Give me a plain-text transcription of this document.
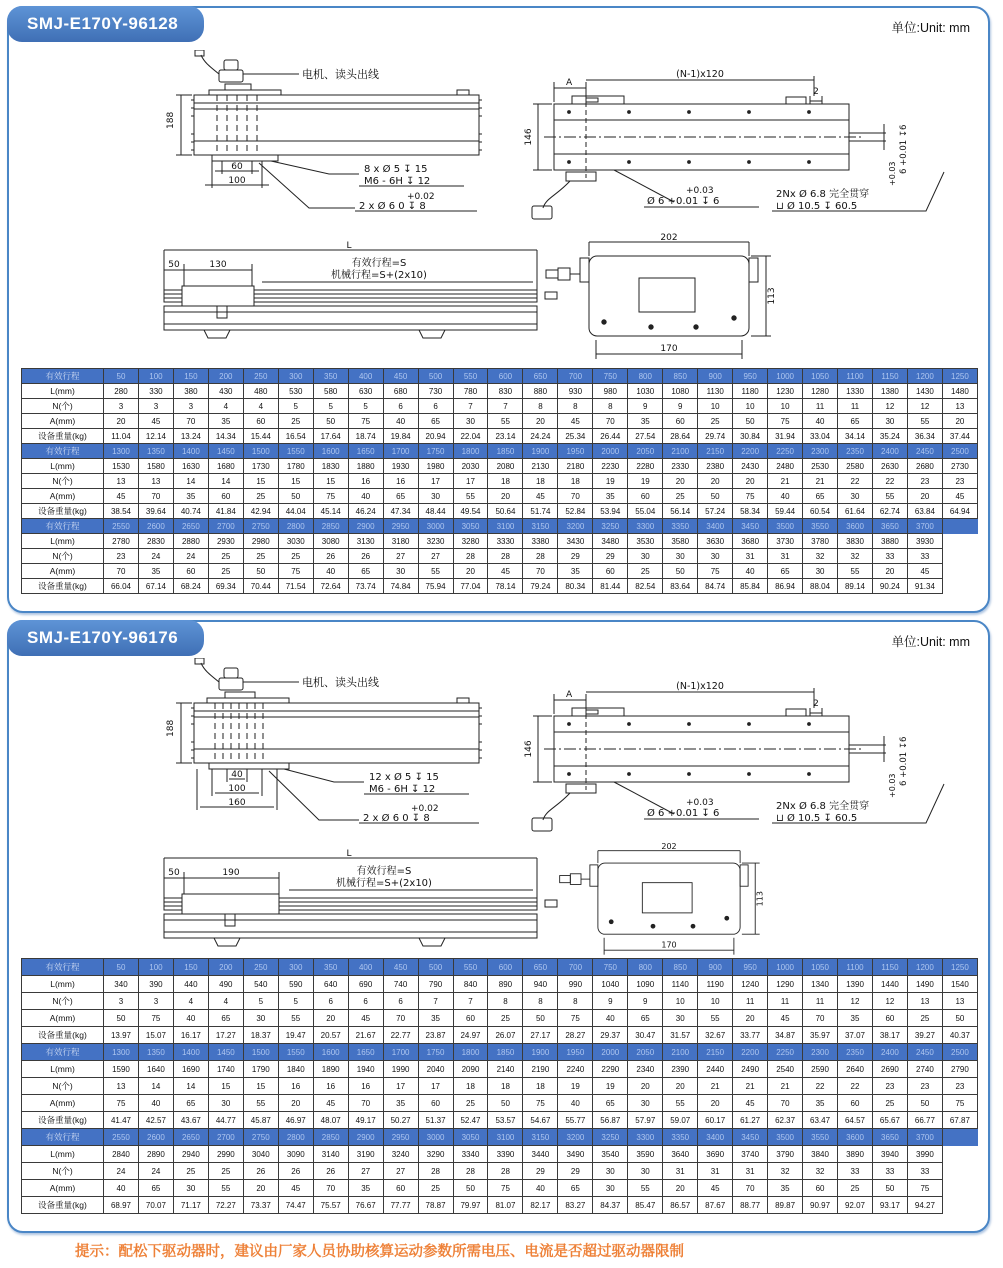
SMJ-E170Y-96128	单位:Unit: mm
电机、读头出线
188
60
100
8 x Ø 5 ↧ 15
M6 - 6H ↧ 12
+0.02
2 x Ø 6 0 ↧ 8
A
(N-1)x120
146
2
6 +0.01 ↧6
+0.03
+0.03
Ø 6 +0.01 ↧ 6
2Nx Ø 6.8 完全贯穿
⊔ Ø 10.5 ↧ 60.5
L
50	130	有效行程=S
机械行程=S+(2x10)
202
113
170
有效行程	50	100	150	200	250	300	350	400	450	500	550	600	650	700	750	800	850	900	950	1000	1050	1100	1150	1200	1250
L(mm)	280	330	380	430	480	530	580	630	680	730	780	830	880	930	980	1030	1080	1130	1180	1230	1280	1330	1380	1430	1480
N(个)	3	3	3	4	4	5	5	5	6	6	7	7	8	8	8	9	9	10	10	10	11	11	12	12	13
A(mm)	20	45	70	35	60	25	50	75	40	65	30	55	20	45	70	35	60	25	50	75	40	65	30	55	20
设备重量(kg)	11.04	12.14	13.24	14.34	15.44	16.54	17.64	18.74	19.84	20.94	22.04	23.14	24.24	25.34	26.44	27.54	28.64	29.74	30.84	31.94	33.04	34.14	35.24	36.34	37.44
有效行程	1300	1350	1400	1450	1500	1550	1600	1650	1700	1750	1800	1850	1900	1950	2000	2050	2100	2150	2200	2250	2300	2350	2400	2450	2500
L(mm)	1530	1580	1630	1680	1730	1780	1830	1880	1930	1980	2030	2080	2130	2180	2230	2280	2330	2380	2430	2480	2530	2580	2630	2680	2730
N(个)	13	13	14	14	15	15	15	16	16	17	17	18	18	18	19	19	20	20	20	21	21	22	22	23	23
A(mm)	45	70	35	60	25	50	75	40	65	30	55	20	45	70	35	60	25	50	75	40	65	30	55	20	45
设备重量(kg)	38.54	39.64	40.74	41.84	42.94	44.04	45.14	46.24	47.34	48.44	49.54	50.64	51.74	52.84	53.94	55.04	56.14	57.24	58.34	59.44	60.54	61.64	62.74	63.84	64.94
有效行程	2550	2600	2650	2700	2750	2800	2850	2900	2950	3000	3050	3100	3150	3200	3250	3300	3350	3400	3450	3500	3550	3600	3650	3700	
L(mm)	2780	2830	2880	2930	2980	3030	3080	3130	3180	3230	3280	3330	3380	3430	3480	3530	3580	3630	3680	3730	3780	3830	3880	3930	
N(个)	23	24	24	25	25	25	26	26	27	27	28	28	28	29	29	30	30	30	31	31	32	32	33	33	
A(mm)	70	35	60	25	50	75	40	65	30	55	20	45	70	35	60	25	50	75	40	65	30	55	20	45	
设备重量(kg)	66.04	67.14	68.24	69.34	70.44	71.54	72.64	73.74	74.84	75.94	77.04	78.14	79.24	80.34	81.44	82.54	83.64	84.74	85.84	86.94	88.04	89.14	90.24	91.34	
SMJ-E170Y-96176	单位:Unit: mm
电机、读头出线
188
40
100
160
12 x Ø 5 ↧ 15
M6 - 6H ↧ 12
+0.02
2 x Ø 6 0 ↧ 8
A
(N-1)x120
146
2
6 +0.01 ↧6
+0.03
+0.03
Ø 6 +0.01 ↧ 6
2Nx Ø 6.8 完全贯穿
⊔ Ø 10.5 ↧ 60.5
L
50	190	有效行程=S
机械行程=S+(2x10)
202
113
170
有效行程	50	100	150	200	250	300	350	400	450	500	550	600	650	700	750	800	850	900	950	1000	1050	1100	1150	1200	1250
L(mm)	340	390	440	490	540	590	640	690	740	790	840	890	940	990	1040	1090	1140	1190	1240	1290	1340	1390	1440	1490	1540
N(个)	3	3	4	4	5	5	6	6	6	7	7	8	8	8	9	9	10	10	11	11	11	12	12	13	13
A(mm)	50	75	40	65	30	55	20	45	70	35	60	25	50	75	40	65	30	55	20	45	70	35	60	25	50
设备重量(kg)	13.97	15.07	16.17	17.27	18.37	19.47	20.57	21.67	22.77	23.87	24.97	26.07	27.17	28.27	29.37	30.47	31.57	32.67	33.77	34.87	35.97	37.07	38.17	39.27	40.37
有效行程	1300	1350	1400	1450	1500	1550	1600	1650	1700	1750	1800	1850	1900	1950	2000	2050	2100	2150	2200	2250	2300	2350	2400	2450	2500
L(mm)	1590	1640	1690	1740	1790	1840	1890	1940	1990	2040	2090	2140	2190	2240	2290	2340	2390	2440	2490	2540	2590	2640	2690	2740	2790
N(个)	13	14	14	15	15	16	16	16	17	17	18	18	18	19	19	20	20	21	21	21	22	22	23	23	23
A(mm)	75	40	65	30	55	20	45	70	35	60	25	50	75	40	65	30	55	20	45	70	35	60	25	50	75
设备重量(kg)	41.47	42.57	43.67	44.77	45.87	46.97	48.07	49.17	50.27	51.37	52.47	53.57	54.67	55.77	56.87	57.97	59.07	60.17	61.27	62.37	63.47	64.57	65.67	66.77	67.87
有效行程	2550	2600	2650	2700	2750	2800	2850	2900	2950	3000	3050	3100	3150	3200	3250	3300	3350	3400	3450	3500	3550	3600	3650	3700	
L(mm)	2840	2890	2940	2990	3040	3090	3140	3190	3240	3290	3340	3390	3440	3490	3540	3590	3640	3690	3740	3790	3840	3890	3940	3990	
N(个)	24	24	25	25	26	26	26	27	27	28	28	28	29	29	30	30	31	31	31	32	32	33	33	33	
A(mm)	40	65	30	55	20	45	70	35	60	25	50	75	40	65	30	55	20	45	70	35	60	25	50	75	
设备重量(kg)	68.97	70.07	71.17	72.27	73.37	74.47	75.57	76.67	77.77	78.87	79.97	81.07	82.17	83.27	84.37	85.47	86.57	87.67	88.77	89.87	90.97	92.07	93.17	94.27	
提示：配松下驱动器时，建议由厂家人员协助核算运动参数所需电压、电流是否超过驱动器限制
